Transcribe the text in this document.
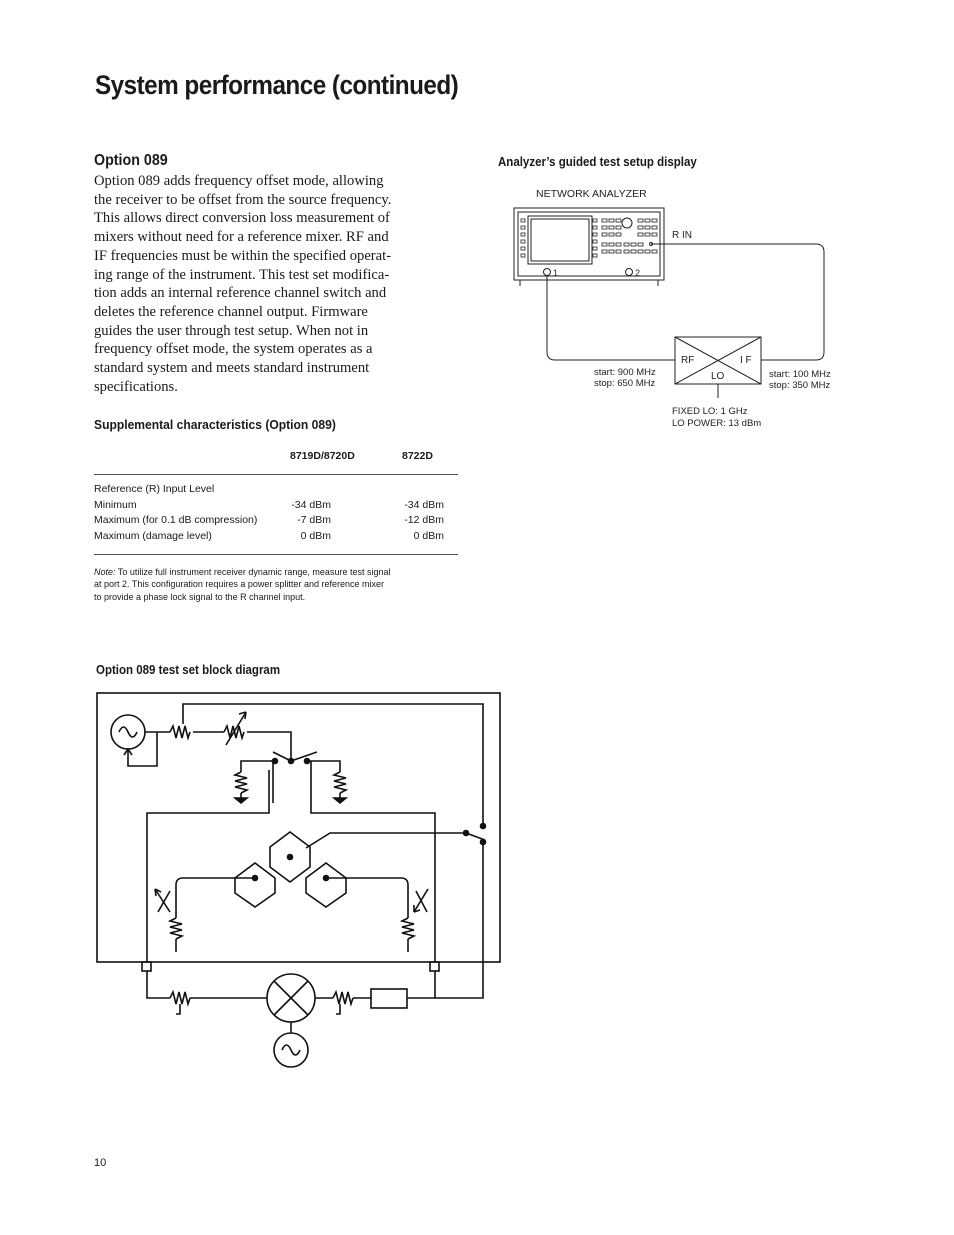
System performance (continued)
Option 089
Option 089 adds frequency offset mode, allowing
the receiver to be offset from the source frequency.
This allows direct conversion loss measurement of
mixers without need for a reference mixer. RF and
IF frequencies must be within the specified operat-
ing range of the instrument. This test set modifica-
tion adds an internal reference channel switch and
deletes the reference channel output. Firmware
guides the user through test setup. When not in
frequency offset mode, the system operates as a
standard system and meets standard instrument
specifications.
Supplemental characteristics (Option 089)
8719D/8720D	8722D
Reference (R) Input Level
Minimum	-34 dBm	-34 dBm
Maximum (for 0.1 dB compression)	-7 dBm	-12 dBm
Maximum (damage level)	0 dBm	0 dBm
Note: To utilize full instrument receiver dynamic range, measure test signal
at port 2. This configuration requires a power splitter and reference mixer
to provide a phase lock signal to the R channel input.
Analyzer’s guided test setup display
NETWORK ANALYZER
R IN
1	2
RF	I F
LO
start: 900 MHz
stop: 650 MHz
start: 100 MHz
stop: 350 MHz
FIXED LO: 1 GHz
LO POWER: 13 dBm
Option 089 test set block diagram
10
